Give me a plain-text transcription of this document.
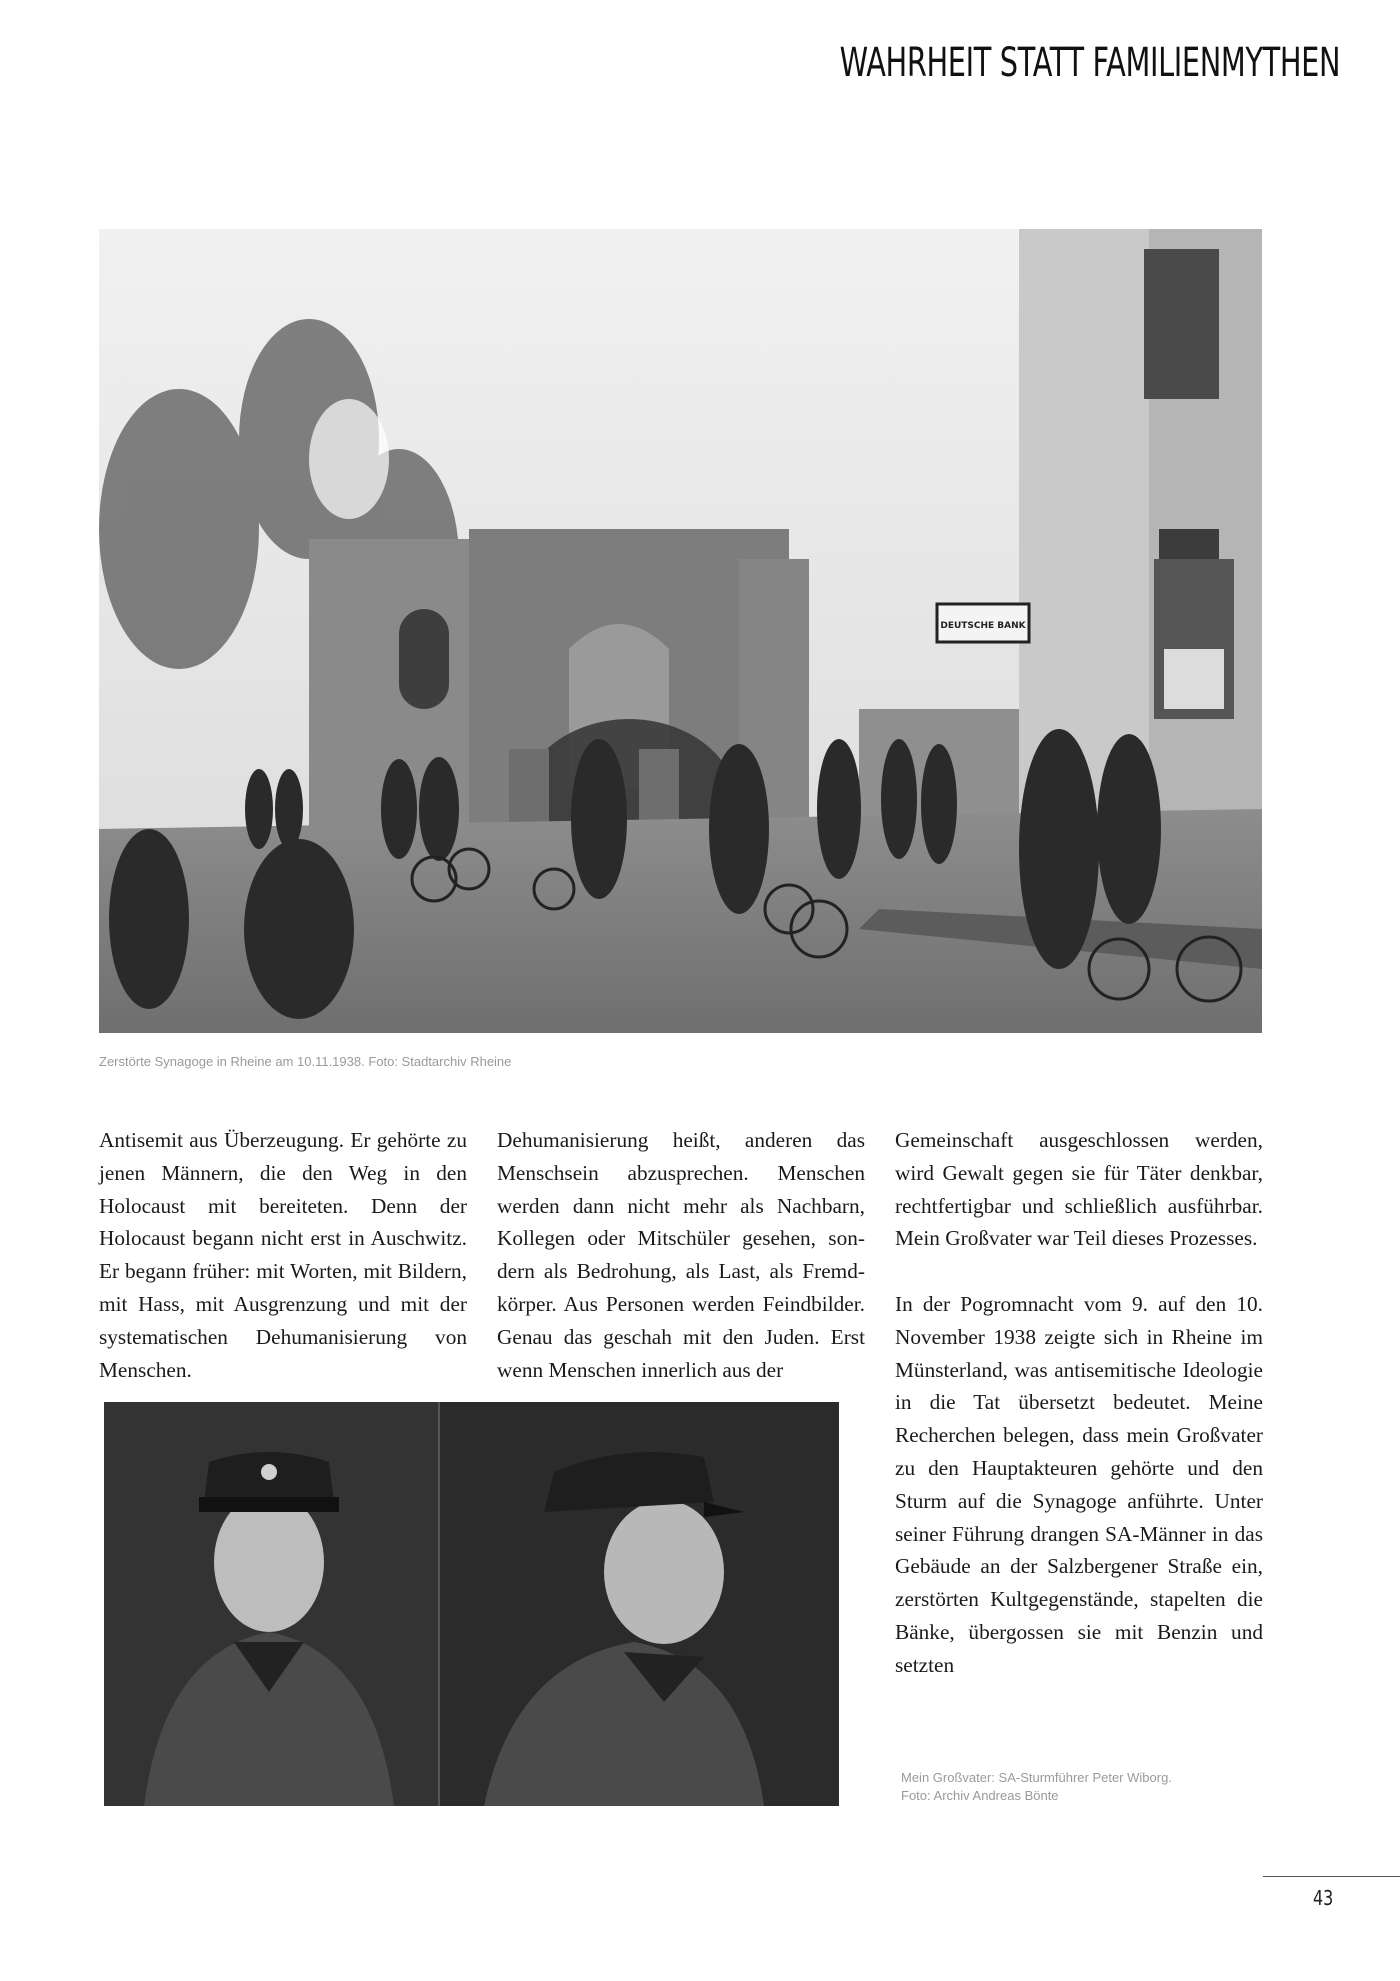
WAHRHEIT STATT FAMILIENMYTHEN
DEUTSCHE BANK
Zerstörte Synagoge in Rheine am 10.11.1938. Foto: Stadtarchiv Rheine

Antisemit aus Überzeugung. Er gehörte zu jenen Männern, die den Weg in den Holocaust mit bereiteten. Denn der Holocaust begann nicht erst in Auschwitz. Er begann früher: mit Worten, mit Bildern, mit Hass, mit Ausgrenzung und mit der systematischen Dehumanisierung von Menschen.

Dehumanisierung heißt, anderen das Menschsein abzusprechen. Menschen werden dann nicht mehr als Nachbarn, Kollegen oder Mitschüler gesehen, sondern als Bedrohung, als Last, als Fremdkörper. Aus Personen werden Feindbilder. Genau das geschah mit den Juden. Erst wenn Menschen innerlich aus der

Gemeinschaft ausgeschlossen werden, wird Gewalt gegen sie für Täter denkbar, rechtfertigbar und schließlich ausführbar. Mein Großvater war Teil dieses Prozesses.

In der Pogromnacht vom 9. auf den 10. November 1938 zeigte sich in Rheine im Münsterland, was antisemitische Ideologie in die Tat übersetzt bedeutet. Meine Recherchen belegen, dass mein Großvater zu den Hauptakteuren gehörte und den Sturm auf die Synagoge anführte. Unter seiner Führung drangen SA-Männer in das Gebäude an der Salzbergener Straße ein, zerstörten Kultgegenstände, stapelten die Bänke, übergossen sie mit Benzin und setzten

Mein Großvater: SA-Sturmführer Peter Wiborg.
Foto: Archiv Andreas Bönte
43
